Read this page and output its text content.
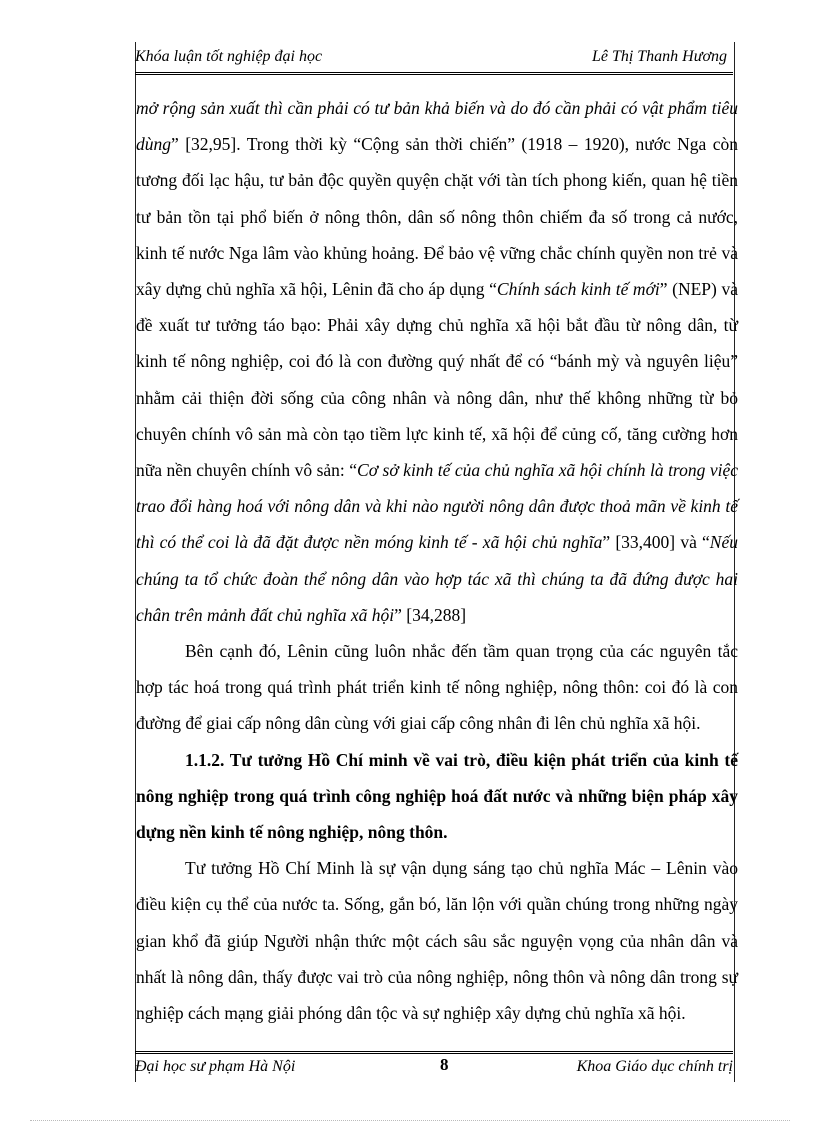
Khóa luận tốt nghiệp đại học	Lê Thị Thanh Hương

mở rộng sản xuất thì cần phải có tư bản khả biến và do đó cần phải có vật phẩm tiêu dùng” [32,95]. Trong thời kỳ “Cộng sản thời chiến” (1918 – 1920), nước Nga còn tương đối lạc hậu, tư bản độc quyền quyện chặt với tàn tích phong kiến, quan hệ tiền tư bản tồn tại phổ biến ở nông thôn, dân số nông thôn chiếm đa số trong cả nước, kinh tế nước Nga lâm vào khủng hoảng. Để bảo vệ vững chắc chính quyền non trẻ và xây dựng chủ nghĩa xã hội, Lênin đã cho áp dụng “Chính sách kinh tế mới” (NEP) và đề xuất tư tưởng táo bạo: Phải xây dựng chủ nghĩa xã hội bắt đầu từ nông dân, từ kinh tế nông nghiệp, coi đó là con đường quý nhất để có “bánh mỳ và nguyên liệu” nhằm cải thiện đời sống của công nhân và nông dân, như thế không những từ bỏ chuyên chính vô sản mà còn tạo tiềm lực kinh tế, xã hội để củng cố, tăng cường hơn nữa nền chuyên chính vô sản: “Cơ sở kinh tế của chủ nghĩa xã hội chính là trong việc trao đổi hàng hoá với nông dân và khi nào người nông dân được thoả mãn về kinh tế thì có thể coi là đã đặt được nền móng kinh tế - xã hội chủ nghĩa” [33,400] và “Nếu chúng ta tổ chức đoàn thể nông dân vào hợp tác xã thì chúng ta đã đứng được hai chân trên mảnh đất chủ nghĩa xã hội” [34,288]

Bên cạnh đó, Lênin cũng luôn nhắc đến tầm quan trọng của các nguyên tắc hợp tác hoá trong quá trình phát triển kinh tế nông nghiệp, nông thôn: coi đó là con đường để giai cấp nông dân cùng với giai cấp công nhân đi lên chủ nghĩa xã hội.

1.1.2. Tư tưởng Hồ Chí minh về vai trò, điều kiện phát triển của kinh tế nông nghiệp trong quá trình công nghiệp hoá đất nước và những biện pháp xây dựng nền kinh tế nông nghiệp, nông thôn.

Tư tưởng Hồ Chí Minh là sự vận dụng sáng tạo chủ nghĩa Mác – Lênin vào điều kiện cụ thể của nước ta. Sống, gắn bó, lăn lộn với quần chúng trong những ngày gian khổ đã giúp Người nhận thức một cách sâu sắc nguyện vọng của nhân dân và nhất là nông dân, thấy được vai trò của nông nghiệp, nông thôn và nông dân trong sự nghiệp cách mạng giải phóng dân tộc và sự nghiệp xây dựng chủ nghĩa xã hội.

Đại học sư phạm Hà Nội	8	Khoa Giáo dục chính trị
